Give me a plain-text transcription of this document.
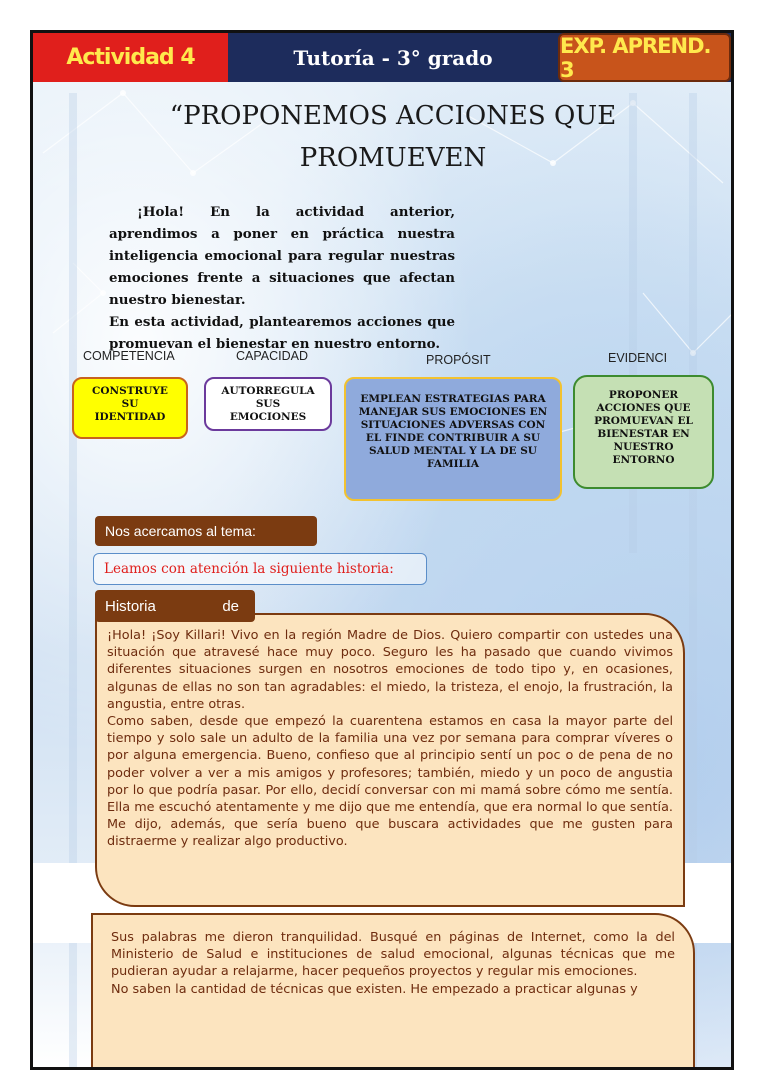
Actividad 4	Tutoría - 3° grado	EXP. APREND. 3
“PROPONEMOS ACCIONES QUE
PROMUEVEN

¡Hola! En la actividad anterior, aprendimos a poner en práctica nuestra inteligencia emocional para regular nuestras emociones frente a situaciones que afectan nuestro bienestar.

En esta actividad, plantearemos acciones que promuevan el bienestar en nuestro entorno.

COMPETENCIA	CAPACIDAD	PROPÓSIT	EVIDENCI
CONSTRUYE SU IDENTIDAD
AUTORREGULA SUS EMOCIONES
EMPLEAN ESTRATEGIAS PARA MANEJAR SUS EMOCIONES EN SITUACIONES ADVERSAS CON EL FINDE CONTRIBUIR A SU SALUD MENTAL Y LA DE SU FAMILIA
PROPONER ACCIONES QUE PROMUEVAN EL BIENESTAR EN NUESTRO ENTORNO
Nos acercamos al tema:
Leamos con atención la siguiente historia:

¡Hola! ¡Soy Killari! Vivo en la región Madre de Dios. Quiero compartir con ustedes una situación que atravesé hace muy poco. Seguro les ha pasado que cuando vivimos diferentes situaciones surgen en nosotros emociones de todo tipo y, en ocasiones, algunas de ellas no son tan agradables: el miedo, la tristeza, el enojo, la frustración, la angustia, entre otras.

Como saben, desde que empezó la cuarentena estamos en casa la mayor parte del tiempo y solo sale un adulto de la familia una vez por semana para comprar víveres o por alguna emergencia. Bueno, confieso que al principio sentí un poc o de pena de no poder volver a ver a mis amigos y profesores; también, miedo y un poco de angustia por lo que podría pasar. Por ello, decidí conversar con mi mamá sobre cómo me sentía. Ella me escuchó atentamente y me dijo que me entendía, que era normal lo que sentía. Me dijo, además, que sería bueno que buscara actividades que me gusten para distraerme y realizar algo productivo.

Historia	de

Sus palabras me dieron tranquilidad. Busqué en páginas de Internet, como la del Ministerio de Salud e instituciones de salud emocional, algunas técnicas que me pudieran ayudar a relajarme, hacer pequeños proyectos y regular mis emociones.

No saben la cantidad de técnicas que existen. He empezado a practicar algunas y
